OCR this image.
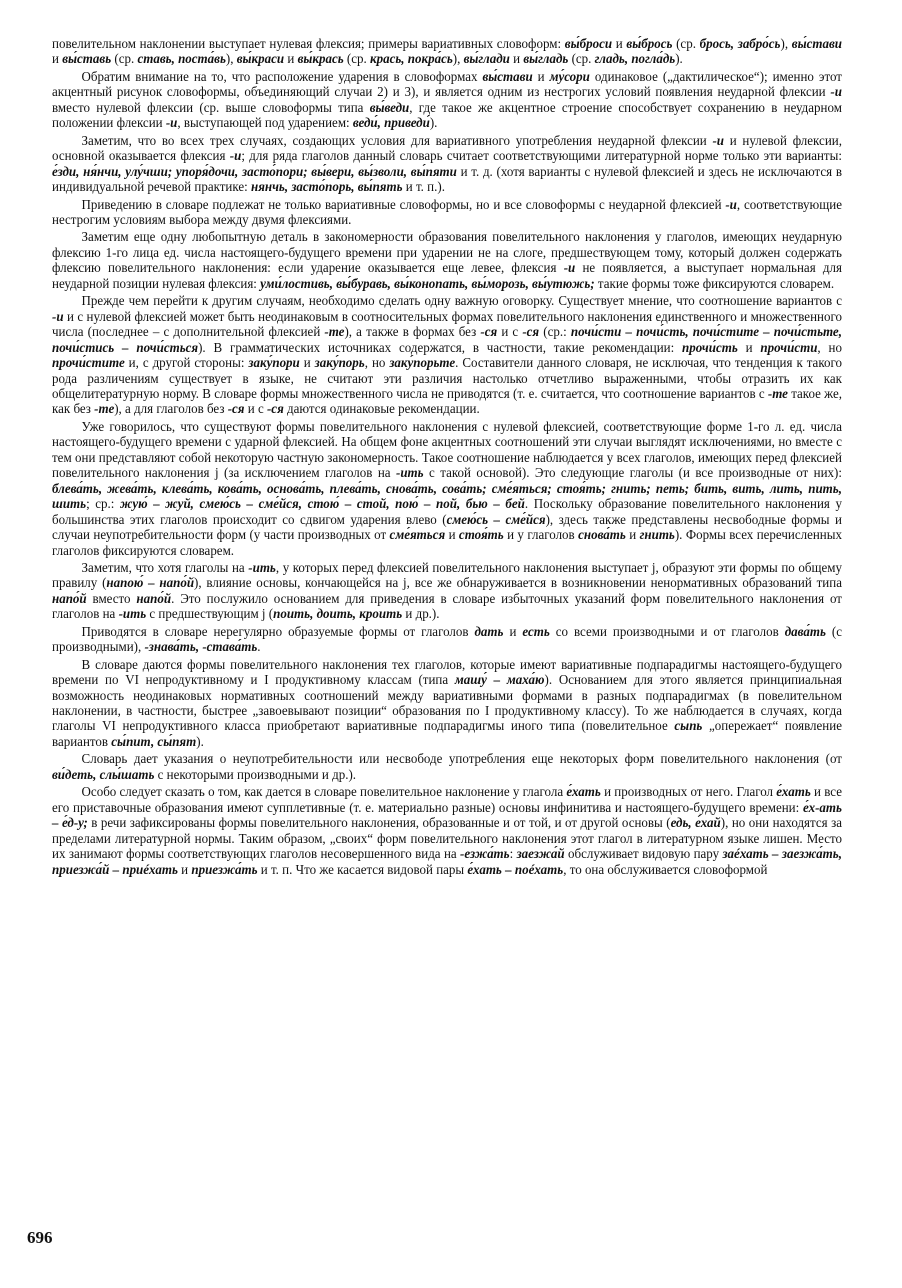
повелительном наклонении выступает нулевая флексия; примеры вариативных словоформ: вы́броси и вы́брось (ср. брось, забро́сь), вы́стави и вы́ставь (ср. ставь, поста́вь), вы́краси и вы́крась (ср. крась, покра́сь), вы́глади и вы́гладь (ср. гладь, погла́дь).

Обратим внимание на то, что расположение ударения в словоформах вы́стави и му́сори одинаковое („дактилическое“); именно этот акцентный рисунок словоформы, объединяющий случаи 2) и 3), и является одним из нестрогих условий появления неударной флексии -и вместо нулевой флексии (ср. выше словоформы типа вы́веди, где такое же акцентное строение способствует сохранению в неударном положении флексии -и, выступающей под ударением: веди́, приведи́).

Заметим, что во всех трех случаях, создающих условия для вариативного употребления неударной флексии -и и нулевой флексии, основной оказывается флексия -и; для ряда глаголов данный словарь считает соответствующими литературной норме только эти варианты: е́зди, ня́нчи, улу́чши; упоря́дочи, засто́пори; вы́вери, вы́зволи, вы́пяти и т. д. (хотя варианты с нулевой флексией и здесь не исключаются в индивидуальной речевой практике: нянчь, засто́порь, вы́пять и т. п.).

Приведению в словаре подлежат не только вариативные словоформы, но и все словоформы с неударной флексией -и, соответствующие нестрогим условиям выбора между двумя флексиями.

Заметим еще одну любопытную деталь в закономерности образования повелительного наклонения у глаголов, имеющих неударную флексию 1-го лица ед. числа настоящего-будущего времени при ударении не на слоге, предшествующем тому, который должен содержать флексию повелительного наклонения: если ударение оказывается еще левее, флексия -и не появляется, а выступает нормальная для неударной позиции нулевая флексия: уми́лостивь, вы́буравь, вы́конопать, вы́морозь, вы́утюжь; такие формы тоже фиксируются словарем.

Прежде чем перейти к другим случаям, необходимо сделать одну важную оговорку. Существует мнение, что соотношение вариантов с -и и с нулевой флексией может быть неодинаковым в соотносительных формах повелительного наклонения единственного и множественного числа (последнее – с дополнительной флексией -те), а также в формах без -ся и с -ся (ср.: почи́сти – почи́сть, почи́стите – почи́стьте, почи́стись – почи́сться). В грамматических источниках содержатся, в частности, такие рекомендации: прочи́сть и прочи́сти, но прочи́стите и, с другой стороны: заку́пори и заку́порь, но заку́порьте. Составители данного словаря, не исключая, что тенденция к такого рода различениям существует в языке, не считают эти различия настолько отчетливо выраженными, чтобы отразить их как общелитературную норму. В словаре формы множественного числа не приводятся (т. е. считается, что соотношение вариантов с -те такое же, как без -те), а для глаголов без -ся и с -ся даются одинаковые рекомендации.

Уже говорилось, что существуют формы повелительного наклонения с нулевой флексией, соответствующие форме 1-го л. ед. числа настоящего-будущего времени с ударной флексией. На общем фоне акцентных соотношений эти случаи выглядят исключениями, но вместе с тем они представляют собой некоторую частную закономерность. Такое соотношение наблюдается у всех глаголов, имеющих перед флексией повелительного наклонения j (за исключением глаголов на -ить с такой основой). Это следующие глаголы (и все производные от них): блева́ть, жева́ть, клева́ть, кова́ть, основа́ть, плева́ть, снова́ть, сова́ть; сме́яться; стоя́ть; гнить; петь; бить, вить, лить, пить, шить; ср.: жую́ – жуй, смею́сь – сме́йся, стою́ – стой, пою́ – пой, бью – бей. Поскольку образование повелительного наклонения у большинства этих глаголов происходит со сдвигом ударения влево (смею́сь – сме́йся), здесь также представлены несвободные формы и случаи неупотребительности форм (у части производных от сме́яться и стоя́ть и у глаголов снова́ть и гнить). Формы всех перечисленных глаголов фиксируются словарем.

Заметим, что хотя глаголы на -ить, у которых перед флексией повелительного наклонения выступает j, образуют эти формы по общему правилу (напою́ – напо́й), влияние основы, кончающейся на j, все же обнаруживается в возникновении ненормативных образований типа напо́й вместо напо́й. Это послужило основанием для приведения в словаре избыточных указаний форм повелительного наклонения от глаголов на -ить с предшествующим j (поить, доить, кроить и др.).

Приводятся в словаре нерегулярно образуемые формы от глаголов дать и есть со всеми производными и от глаголов дава́ть (с производными), -знава́ть, -става́ть.

В словаре даются формы повелительного наклонения тех глаголов, которые имеют вариативные подпарадигмы настоящего-будущего времени по VI непродуктивному и I продуктивному классам (типа машу́ – маха́ю). Основанием для этого является принципиальная возможность неодинаковых нормативных соотношений между вариативными формами в разных подпарадигмах (в повелительном наклонении, в частности, быстрее „завоевывают позиции“ образования по I продуктивному классу). То же наблюдается в случаях, когда глаголы VI непродуктивного класса приобретают вариативные подпарадигмы иного типа (повелительное сыпь „опережает“ появление вариантов сы́пит, сы́пят).

Словарь дает указания о неупотребительности или несвободе употребления еще некоторых форм повелительного наклонения (от ви́деть, слы́шать с некоторыми производными и др.).

Особо следует сказать о том, как дается в словаре повелительное наклонение у глагола е́хать и производных от него. Глагол е́хать и все его приставочные образования имеют супплетивные (т. е. материально разные) основы инфинитива и настоящего-будущего времени: е́х-ать – е́д-у; в речи зафиксированы формы повелительного наклонения, образованные и от той, и от другой основы (едь, е́хай), но они находятся за пределами литературной нормы. Таким образом, „своих“ форм повелительного наклонения этот глагол в литературном языке лишен. Место их занимают формы соответствующих глаголов несовершенного вида на -езжа́ть: заезжа́й обслуживает видовую пару заéхать – заезжа́ть, приезжа́й – приéхать и приезжа́ть и т. п. Что же касается видовой пары е́хать – поéхать, то она обслуживается словоформой

696
